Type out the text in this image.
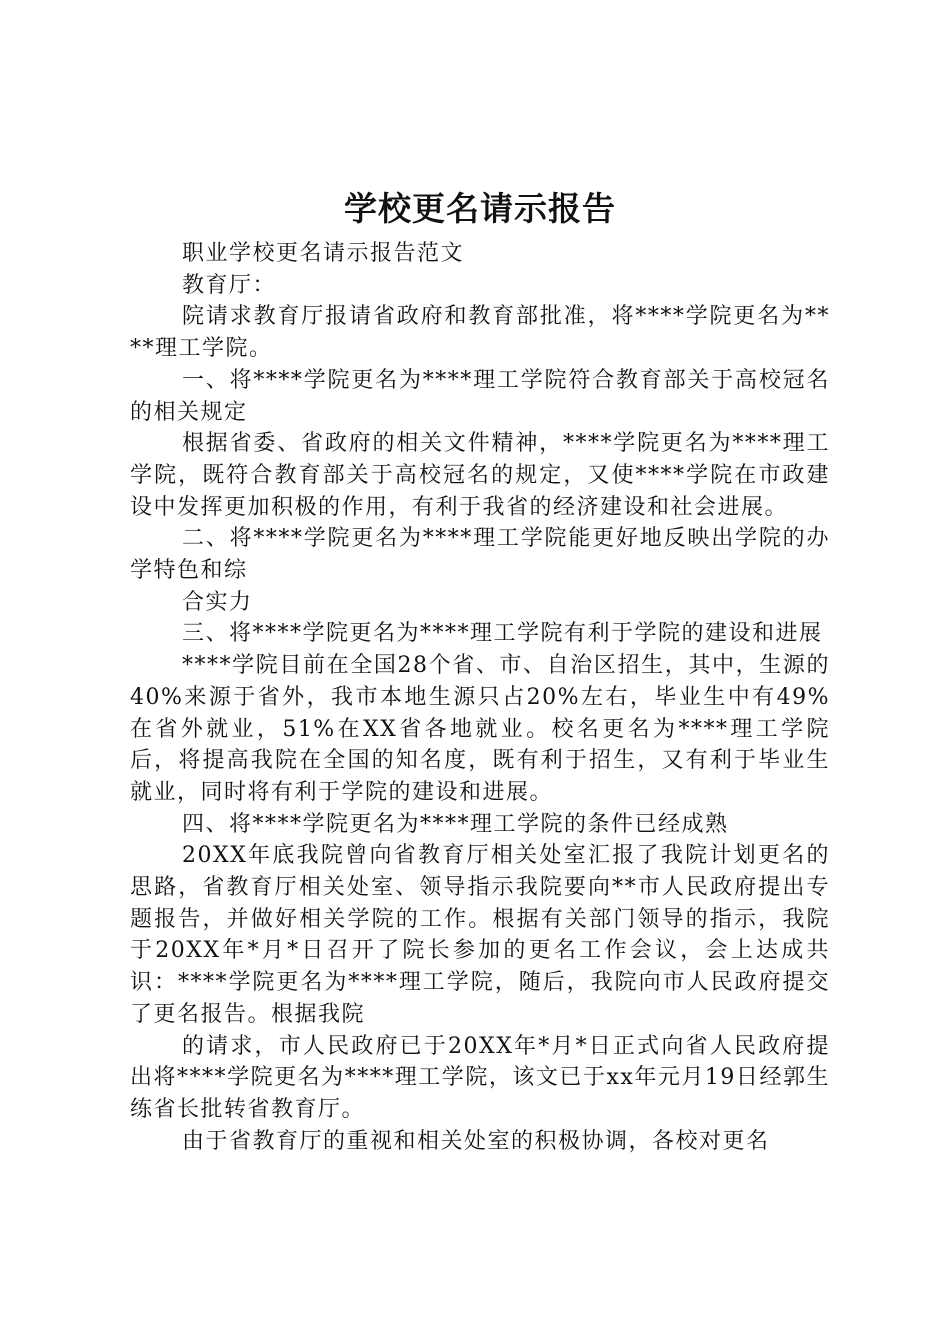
学校更名请示报告

职业学校更名请示报告范文

教育厅：

院请求教育厅报请省政府和教育部批准，将****学院更名为****理工学院。

一、将****学院更名为****理工学院符合教育部关于高校冠名的相关规定

根据省委、省政府的相关文件精神，****学院更名为****理工学院，既符合教育部关于高校冠名的规定，又使****学院在市政建设中发挥更加积极的作用，有利于我省的经济建设和社会进展。

二、将****学院更名为****理工学院能更好地反映出学院的办学特色和综

合实力

三、将****学院更名为****理工学院有利于学院的建设和进展

****学院目前在全国28个省、市、自治区招生，其中，生源的40%来源于省外，我市本地生源只占20%左右，毕业生中有49%在省外就业，51%在XX省各地就业。校名更名为****理工学院后，将提高我院在全国的知名度，既有利于招生，又有利于毕业生就业，同时将有利于学院的建设和进展。

四、将****学院更名为****理工学院的条件已经成熟

20XX年底我院曾向省教育厅相关处室汇报了我院计划更名的思路，省教育厅相关处室、领导指示我院要向**市人民政府提出专题报告，并做好相关学院的工作。根据有关部门领导的指示，我院于20XX年*月*日召开了院长参加的更名工作会议，会上达成共识：****学院更名为****理工学院，随后，我院向市人民政府提交了更名报告。根据我院

的请求，市人民政府已于20XX年*月*日正式向省人民政府提出将****学院更名为****理工学院，该文已于xx年元月19日经郭生练省长批转省教育厅。

由于省教育厅的重视和相关处室的积极协调，各校对更名
